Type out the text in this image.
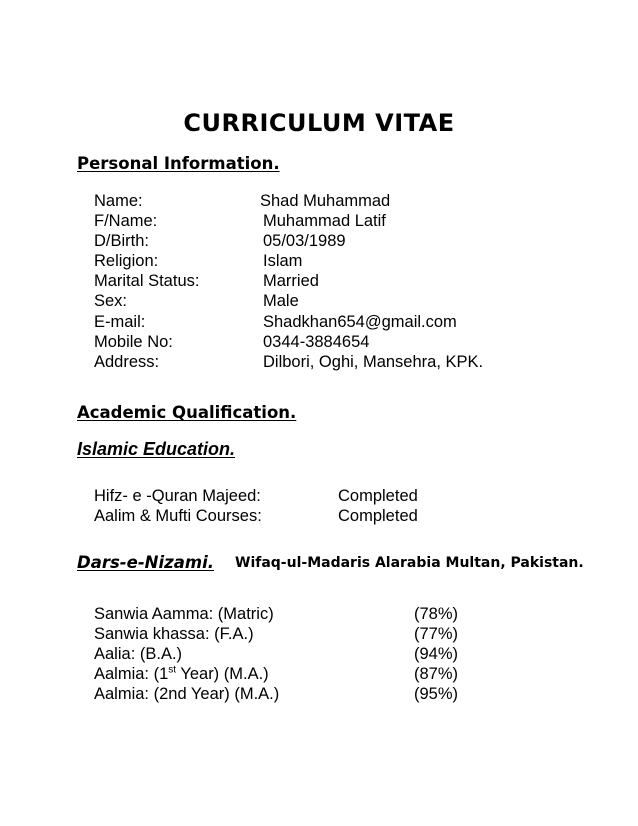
CURRICULUM VITAE
Personal Information.
Name:	Shad Muhammad
F/Name:	Muhammad Latif
D/Birth:	05/03/1989
Religion:	Islam
Marital Status:	Married
Sex:	Male
E-mail:	Shadkhan654@gmail.com
Mobile No:	0344-3884654
Address:	Dilbori, Oghi, Mansehra, KPK.
Academic Qualification.
Islamic Education.
Hifz- e -Quran Majeed:	Completed
Aalim & Mufti Courses:	Completed
Dars-e-Nizami. Wifaq-ul-Madaris Alarabia Multan, Pakistan.
Sanwia Aamma: (Matric)	(78%)
Sanwia khassa: (F.A.)	(77%)
Aalia: (B.A.)	(94%)
Aalmia: (1st Year) (M.A.)	(87%)
Aalmia: (2nd Year) (M.A.)	(95%)
